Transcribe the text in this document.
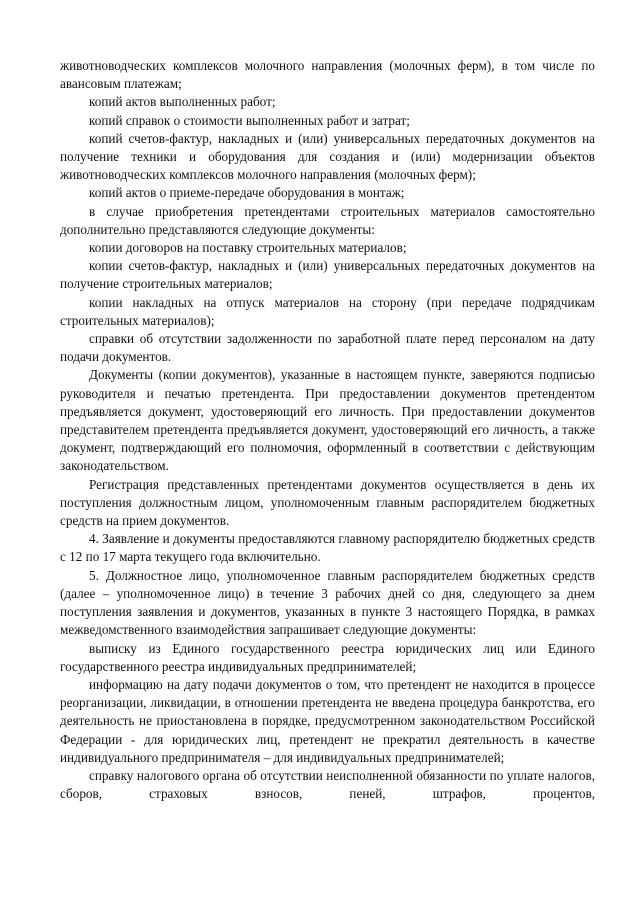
животноводческих комплексов молочного направления (молочных ферм), в том числе по авансовым платежам;

копий актов выполненных работ;

копий справок о стоимости выполненных работ и затрат;

копий счетов-фактур, накладных и (или) универсальных передаточных документов на получение техники и оборудования для создания и (или) модернизации объектов животноводческих комплексов молочного направления (молочных ферм);

копий актов о приеме-передаче оборудования в монтаж;

в случае приобретения претендентами строительных материалов самостоятельно дополнительно представляются следующие документы:

копии договоров на поставку строительных материалов;

копии счетов-фактур, накладных и (или) универсальных передаточных документов на получение строительных материалов;

копии накладных на отпуск материалов на сторону (при передаче подрядчикам строительных материалов);

справки об отсутствии задолженности по заработной плате перед персоналом на дату подачи документов.

Документы (копии документов), указанные в настоящем пункте, заверяются подписью руководителя и печатью претендента. При предоставлении документов претендентом предъявляется документ, удостоверяющий его личность. При предоставлении документов представителем претендента предъявляется документ, удостоверяющий его личность, а также документ, подтверждающий его полномочия, оформленный в соответствии с действующим законодательством.

Регистрация представленных претендентами документов осуществляется в день их поступления должностным лицом, уполномоченным главным распорядителем бюджетных средств на прием документов.

4. Заявление и документы предоставляются главному распорядителю бюджетных средств с 12 по 17 марта текущего года включительно.

5. Должностное лицо, уполномоченное главным распорядителем бюджетных средств (далее – уполномоченное лицо) в течение 3 рабочих дней со дня, следующего за днем поступления заявления и документов, указанных в пункте 3 настоящего Порядка, в рамках межведомственного взаимодействия запрашивает следующие документы:

выписку из Единого государственного реестра юридических лиц или Единого государственного реестра индивидуальных предпринимателей;

информацию на дату подачи документов о том, что претендент не находится в процессе реорганизации, ликвидации, в отношении претендента не введена процедура банкротства, его деятельность не приостановлена в порядке, предусмотренном законодательством Российской Федерации - для юридических лиц, претендент не прекратил деятельность в качестве индивидуального предпринимателя – для индивидуальных предпринимателей;

справку налогового органа об отсутствии неисполненной обязанности по уплате налогов, сборов, страховых взносов, пеней, штрафов, процентов,
